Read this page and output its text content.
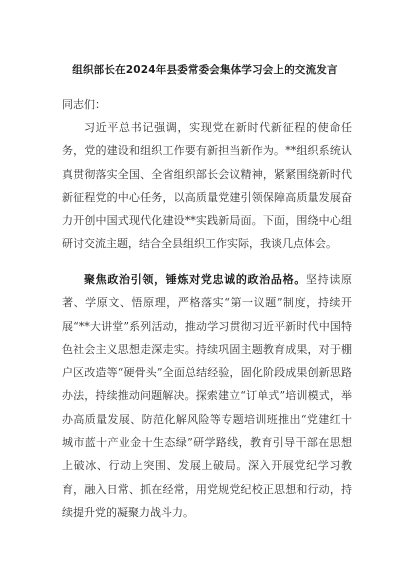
组织部长在2024年县委常委会集体学习会上的交流发言
同志们：

习近平总书记强调，实现党在新时代新征程的使命任务，党的建设和组织工作要有新担当新作为。**组织系统认真贯彻落实全国、全省组织部长会议精神，紧紧围绕新时代新征程党的中心任务，以高质量党建引领保障高质量发展奋力开创中国式现代化建设**实践新局面。下面，围绕中心组研讨交流主题，结合全县组织工作实际，我谈几点体会。

聚焦政治引领，锤炼对党忠诚的政治品格。坚持读原著、学原文、悟原理，严格落实“第一议题”制度，持续开展“**大讲堂”系列活动，推动学习贯彻习近平新时代中国特色社会主义思想走深走实。持续巩固主题教育成果，对于棚户区改造等“硬骨头”全面总结经验，固化阶段成果创新思路办法，持续推动问题解决。探索建立“订单式”培训模式，举办高质量发展、防范化解风险等专题培训班推出“党建红十城市蓝十产业金十生态绿”研学路线，教育引导干部在思想上破冰、行动上突围、发展上破局。深入开展党纪学习教育，融入日常、抓在经常，用党规党纪校正思想和行动，持续提升党的凝聚力战斗力。
